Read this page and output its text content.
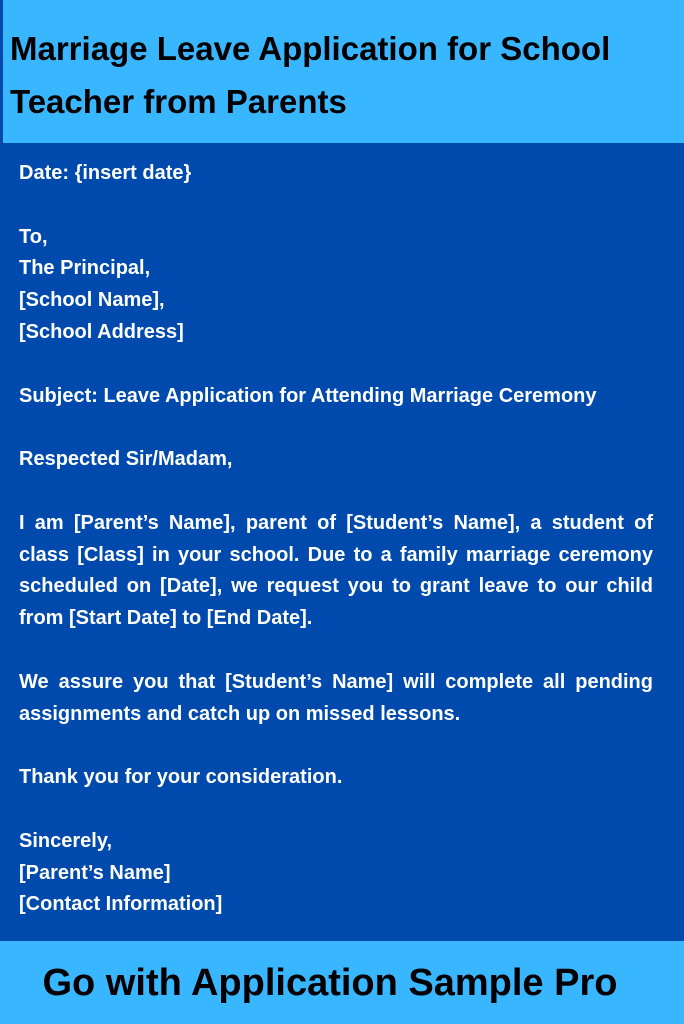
Marriage Leave Application for School Teacher from Parents
Date: {insert date}
To,
The Principal,
[School Name],
[School Address]
Subject: Leave Application for Attending Marriage Ceremony
Respected Sir/Madam,
I am [Parent’s Name], parent of [Student’s Name], a student of class [Class] in your school. Due to a family marriage ceremony scheduled on [Date], we request you to grant leave to our child from [Start Date] to [End Date].
We assure you that [Student’s Name] will complete all pending assignments and catch up on missed lessons.
Thank you for your consideration.
Sincerely,
[Parent’s Name]
[Contact Information]

Go with Application Sample Pro
